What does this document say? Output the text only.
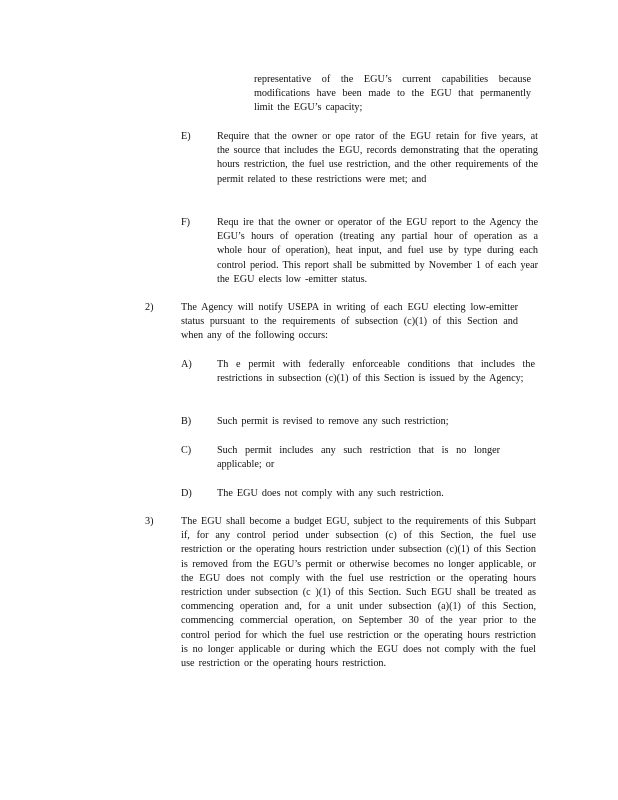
representative of the EGU’s current capabilities because modifications have been made to the EGU that permanently limit the EGU’s capacity;
E)	Require that the owner or ope rator of the EGU retain for five years, at the source that includes the EGU, records demonstrating that the operating hours restriction, the fuel use restriction, and the other requirements of the permit related to these restrictions were met; and
F)	Requ ire that the owner or operator of the EGU report to the Agency the EGU’s hours of operation (treating any partial hour of operation as a whole hour of operation), heat input, and fuel use by type during each control period. This report shall be submitted by November 1 of each year the EGU elects low -emitter status.
2)	The Agency will notify USEPA in writing of each EGU electing low-emitter status pursuant to the requirements of subsection (c)(1) of this Section and when any of the following occurs:
A) Th e permit with federally enforceable conditions that includes the restrictions in subsection (c)(1) of this Section is issued by the Agency;
B)	Such permit is revised to remove any such restriction;
C)	Such permit includes any such restriction that is no longer applicable; or
D) The EGU does not comply with any such restriction.
3)	The EGU shall become a budget EGU, subject to the requirements of this Subpart if, for any control period under subsection (c) of this Section, the fuel use restriction or the operating hours restriction under subsection (c)(1) of this Section is removed from the EGU’s permit or otherwise becomes no longer applicable, or the EGU does not comply with the fuel use restriction or the operating hours restriction under subsection (c )(1) of this Section. Such EGU shall be treated as commencing operation and, for a unit under subsection (a)(1) of this Section, commencing commercial operation, on September 30 of the year prior to the control period for which the fuel use restriction or the operating hours restriction is no longer applicable or during which the EGU does not comply with the fuel use restriction or the operating hours restriction.
